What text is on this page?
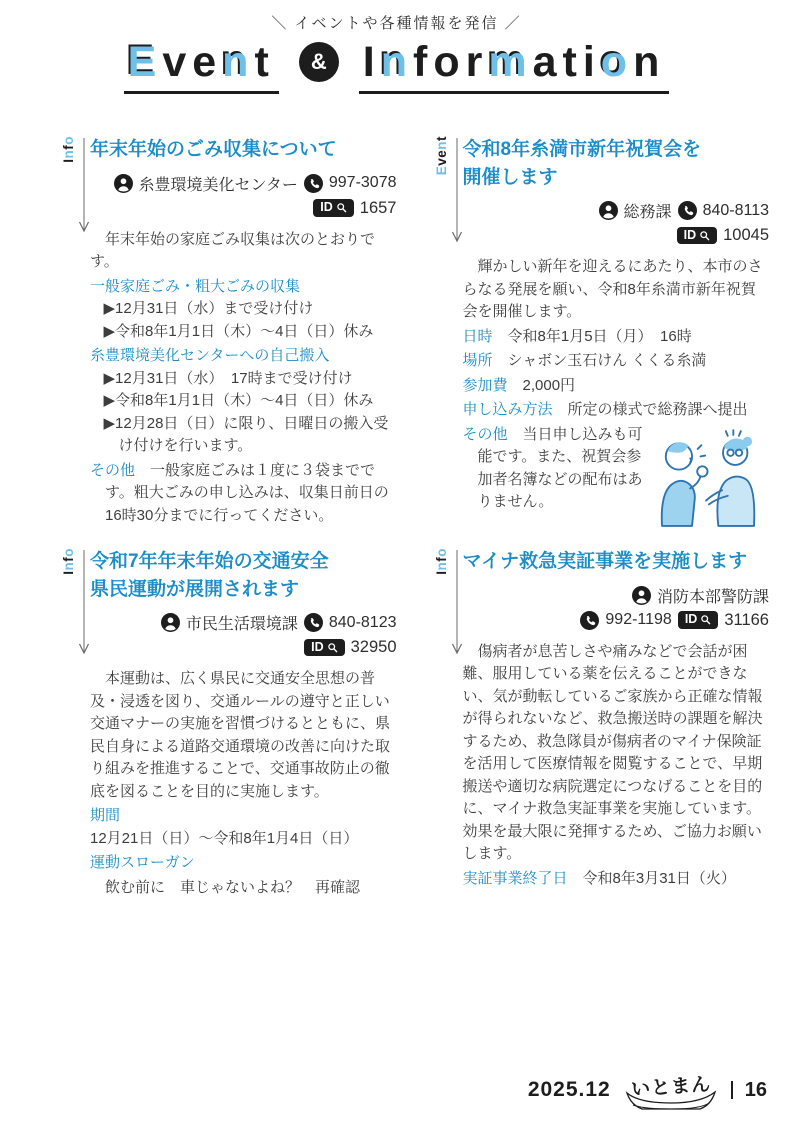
＼ イベントや各種情報を発信 ／
Event	& Information
Info 年末年始のごみ収集について
糸豊環境美化センター 997-3078
ID 1657

年末年始の家庭ごみ収集は次のとおりです。

一般家庭ごみ・粗大ごみの収集

▶12月31日（水）まで受け付け

▶令和8年1月1日（木）～4日（日）休み

糸豊環境美化センターへの自己搬入

▶12月31日（水）　17時まで受け付け

▶令和8年1月1日（木）～4日（日）休み

▶12月28日（日）に限り、日曜日の搬入受け付けを行います。

その他　一般家庭ごみは１度に３袋までです。粗大ごみの申し込みは、収集日前日の16時30分までに行ってください。

Event
令和8年糸満市新年祝賀会を
開催します
総務課 840-8113
ID 10045

輝かしい新年を迎えるにあたり、本市のさらなる発展を願い、令和8年糸満市新年祝賀会を開催します。

日時 令和8年1月5日（月）　16時

場所 シャボン玉石けん くくる糸満

参加費 2,000円

申し込み方法 所定の様式で総務課へ提出

その他　当日申し込みも可能です。また、祝賀会参加者名簿などの配布はありません。

Info 令和7年年末年始の交通安全
県民運動が展開されます
市民生活環境課 840-8123
ID 32950

本運動は、広く県民に交通安全思想の普及・浸透を図り、交通ルールの遵守と正しい交通マナーの実施を習慣づけるとともに、県民自身による道路交通環境の改善に向けた取り組みを推進することで、交通事故防止の徹底を図ることを目的に実施します。

期間12月21日（日）～令和8年1月4日（日）

運動スローガン

飲む前に　車じゃないよね？　再確認

Info マイナ救急実証事業を実施します
消防本部警防課
992-1198 ID 31166

傷病者が息苦しさや痛みなどで会話が困難、服用している薬を伝えることができない、気が動転しているご家族から正確な情報が得られないなど、救急搬送時の課題を解決するため、救急隊員が傷病者のマイナ保険証を活用して医療情報を閲覧することで、早期搬送や適切な病院選定につなげることを目的に、マイナ救急実証事業を実施しています。効果を最大限に発揮するため、ご協力お願いします。

実証事業終了日 令和8年3月31日（火）

2025.12 いとまん 16
